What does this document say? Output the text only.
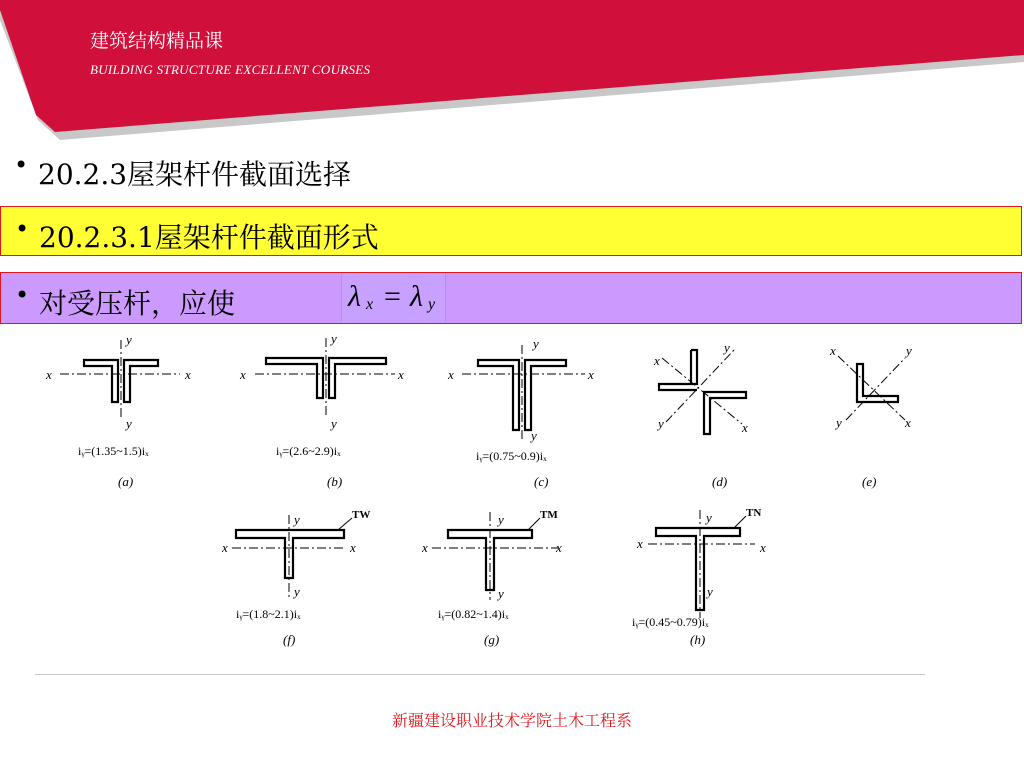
建筑结构精品课
BUILDING STRUCTURE EXCELLENT COURSES
• 20.2.3屋架杆件截面选择
• 20.2.3.1屋架杆件截面形式
• 对受压杆，应使	λ x = λ y
x	x
y
y
iᵧ=(1.35~1.5)iₓ
(a)
x	x
y
y
iᵧ=(2.6~2.9)iₓ
(b)
x	x
y
y
iᵧ=(0.75~0.9)iₓ
(c)
x
x
y
y
(d)
x
x
y
y
(e)
TW
x	x
y
y
iᵧ=(1.8~2.1)iₓ
(f)
TM
x	x
y
y
iᵧ=(0.82~1.4)iₓ
(g)
TN
x	x
y
y
iᵧ=(0.45~0.79)iₓ
(h)
新疆建设职业技术学院土木工程系
